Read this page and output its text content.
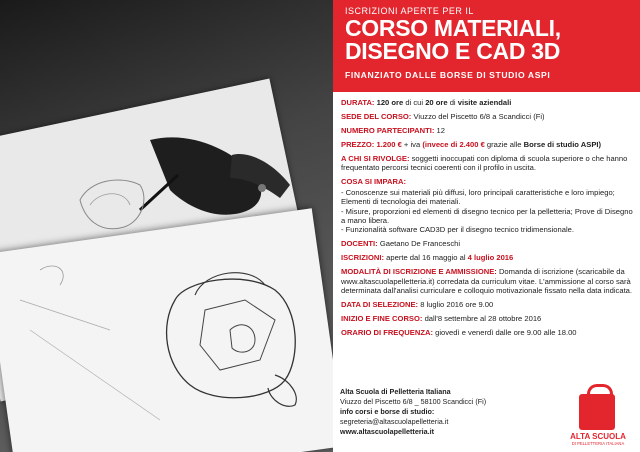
ISCRIZIONI APERTE PER IL
CORSO MATERIALI,
DISEGNO E CAD 3D
FINANZIATO DALLE BORSE DI STUDIO ASPI
DURATA: 120 ore di cui 20 ore di visite aziendali
SEDE DEL CORSO: Viuzzo del Piscetto 6/8 a Scandicci (Fi)
NUMERO PARTECIPANTI: 12
PREZZO: 1.200 € + iva (invece di 2.400 € grazie alle Borse di studio ASPI)
A CHI SI RIVOLGE: soggetti inoccupati con diploma di scuola superiore o che hanno frequentato percorsi tecnici coerenti con il profilo in uscita.
COSA SI IMPARA:
- Conoscenze sui materiali più diffusi, loro principali caratteristiche e loro impiego; Elementi di tecnologia dei materiali.
- Misure, proporzioni ed elementi di disegno tecnico per la pelletteria; Prove di Disegno a mano libera.
- Funzionalità software CAD3D per il disegno tecnico tridimensionale.
DOCENTI: Gaetano De Franceschi
ISCRIZIONI: aperte dal 16 maggio al 4 luglio 2016
MODALITÀ DI ISCRIZIONE E AMMISSIONE: Domanda di iscrizione (scaricabile da www.altascuolapelletteria.it) corredata da curriculum vitae. L'ammissione al corso sarà determinata dall'analisi curriculare e colloquio motivazionale fissato nella data indicata.
DATA DI SELEZIONE: 8 luglio 2016 ore 9.00
INIZIO E FINE CORSO: dall'8 settembre al 28 ottobre 2016
ORARIO DI FREQUENZA: giovedì e venerdì dalle ore 9.00 alle 18.00
Alta Scuola di Pelletteria Italiana
Viuzzo del Piscetto 6/8 _ 58100 Scandicci (Fi)
info corsi e borse di studio:
segreteria@altascuolapelletteria.it
www.altascuolapelletteria.it
ALTA SCUOLA
DI PELLETTERIA ITALIANA
